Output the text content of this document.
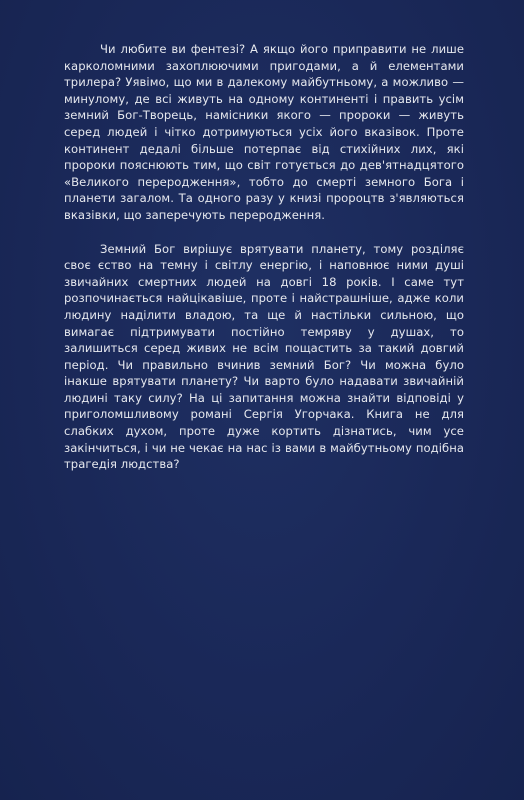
Чи любите ви фентезі? А якщо його приправити не лише карколомними захоплюючими пригодами, а й елементами трилера? Уявімо, що ми в далекому майбутньому, а можливо — минулому, де всі живуть на одному континенті і править усім земний Бог-Творець, намісники якого — пророки — живуть серед людей і чітко дотримуються усіх його вказівок. Проте континент дедалі більше потерпає від стихійних лих, які пророки пояснюють тим, що світ готується до дев'ятнадцятого «Великого переродження», тобто до смерті земного Бога і планети загалом. Та одного разу у книзі пророцтв з'являються вказівки, що заперечують переродження.

Земний Бог вирішує врятувати планету, тому розділяє своє єство на темну і світлу енергію, і наповнює ними душі звичайних смертних людей на довгі 18 років. І саме тут розпочинається найцікавіше, проте і найстрашніше, адже коли людину наділити владою, та ще й настільки сильною, що вимагає підтримувати постійно темряву у душах, то залишиться серед живих не всім пощастить за такий довгий період. Чи правильно вчинив земний Бог? Чи можна було інакше врятувати планету? Чи варто було надавати звичайній людині таку силу? На ці запитання можна знайти відповіді у приголомшливому романі Сергія Угорчака. Книга не для слабких духом, проте дуже кортить дізнатись, чим усе закінчиться, і чи не чекає на нас із вами в майбутньому подібна трагедія людства?
